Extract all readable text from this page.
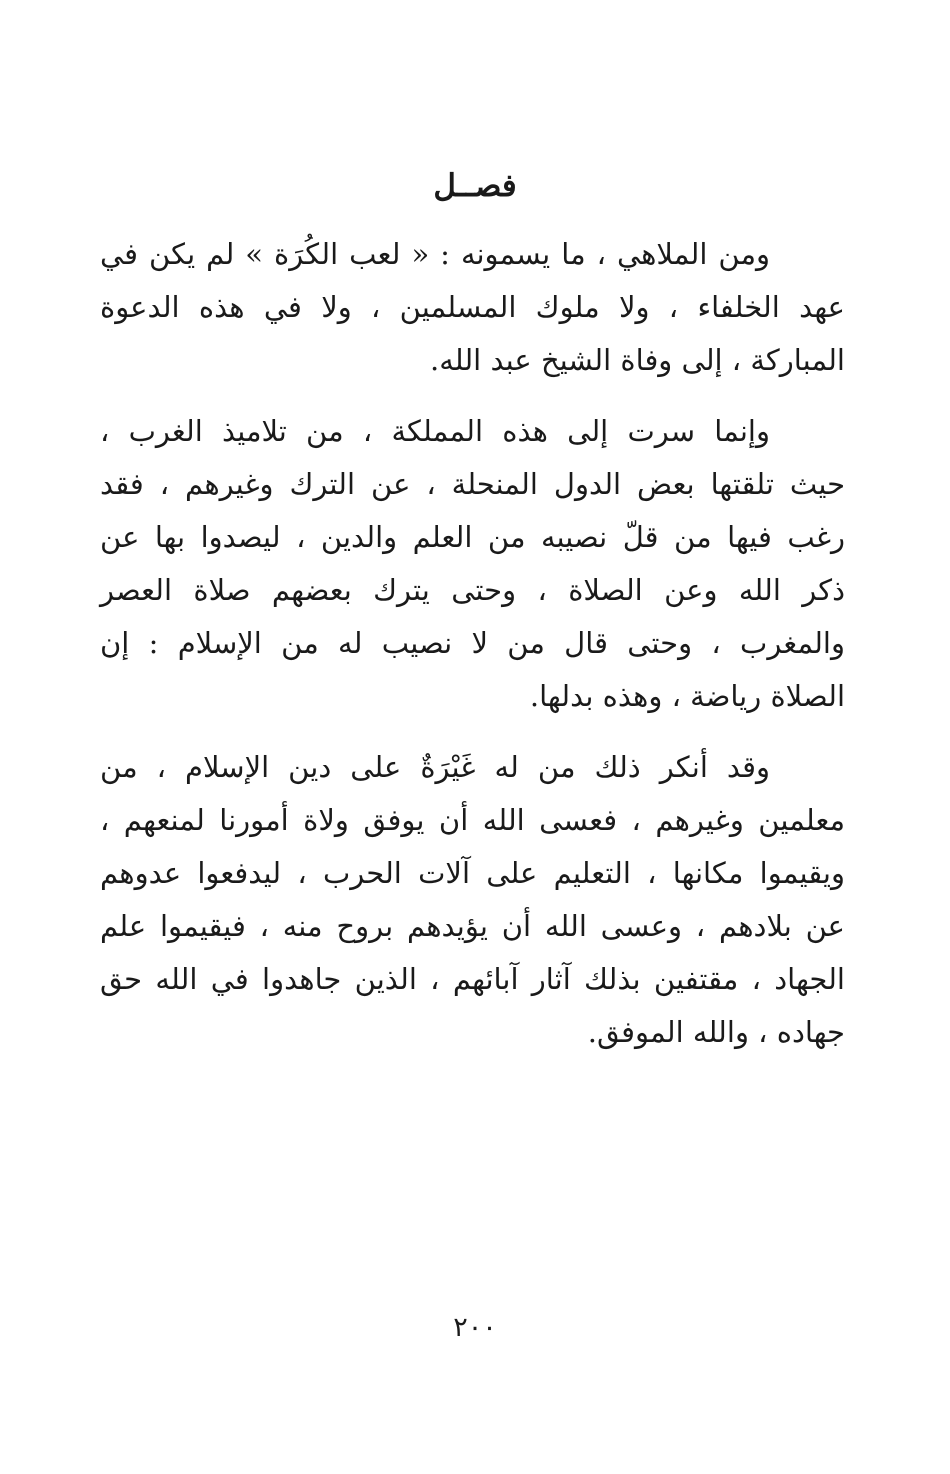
فصــل
ومن الملاهي ، ما يسمونه : « لعب الكُرَة » لم يكن في
عهد الخلفاء ، ولا ملوك المسلمين ، ولا في هذه الدعوة
المباركة ، إلى وفاة الشيخ عبد الله.
وإنما سرت إلى هذه المملكة ، من تلاميذ الغرب ،
حيث تلقتها بعض الدول المنحلة ، عن الترك وغيرهم ، فقد
رغب فيها من قلّ نصيبه من العلم والدين ، ليصدوا بها عن
ذكر الله وعن الصلاة ، وحتى يترك بعضهم صلاة العصر
والمغرب ، وحتى قال من لا نصيب له من الإسلام : إن
الصلاة رياضة ، وهذه بدلها.
وقد أنكر ذلك من له غَيْرَةٌ على دين الإسلام ، من
معلمين وغيرهم ، فعسى الله أن يوفق ولاة أمورنا لمنعهم ،
ويقيموا مكانها ، التعليم على آلات الحرب ، ليدفعوا عدوهم
عن بلادهم ، وعسى الله أن يؤيدهم بروح منه ، فيقيموا علم
الجهاد ، مقتفين بذلك آثار آبائهم ، الذين جاهدوا في الله حق
جهاده ، والله الموفق.
٢٠٠
